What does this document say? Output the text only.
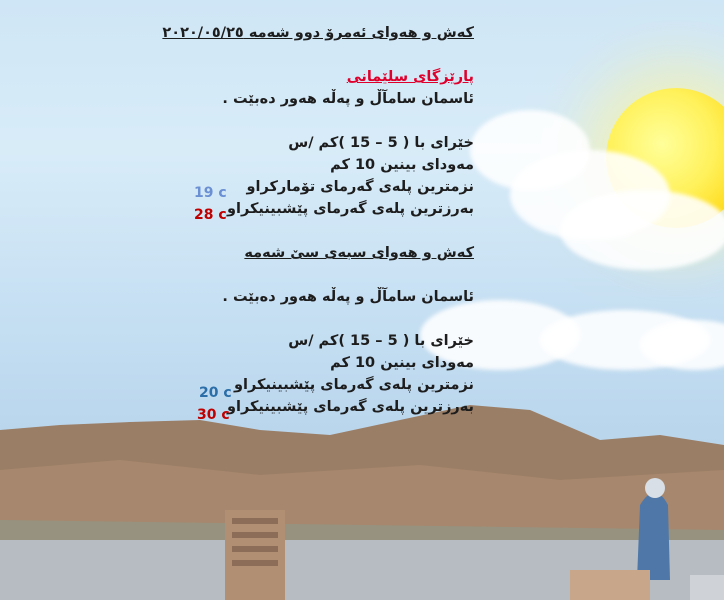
کەش و هەوای ئەمرۆ دوو شەمە ٢٠٢٠/٠٥/٢٥
پارێزگای سلێمانی
ئاسمان سامآڵ و پەڵە هەور دەبێت .
خێرای با ( 5 – 15 )کم /س
مەودای بینین 10 کم
نزمترین پلەی گەرمای تۆمارکراو
بەرزترین پلەی گەرمای پێشبینیکراو
کەش و هەوای سبەی سێ شەمە
ئاسمان سامآڵ و پەڵە هەور دەبێت .
خێرای با ( 5 – 15 )کم /س
مەودای بینین 10 کم
نزمترین پلەی گەرمای پێشبینیکراو
بەرزترین پلەی گەرمای پێشبینیکراو
19 c
28 c
20 c
30 c
